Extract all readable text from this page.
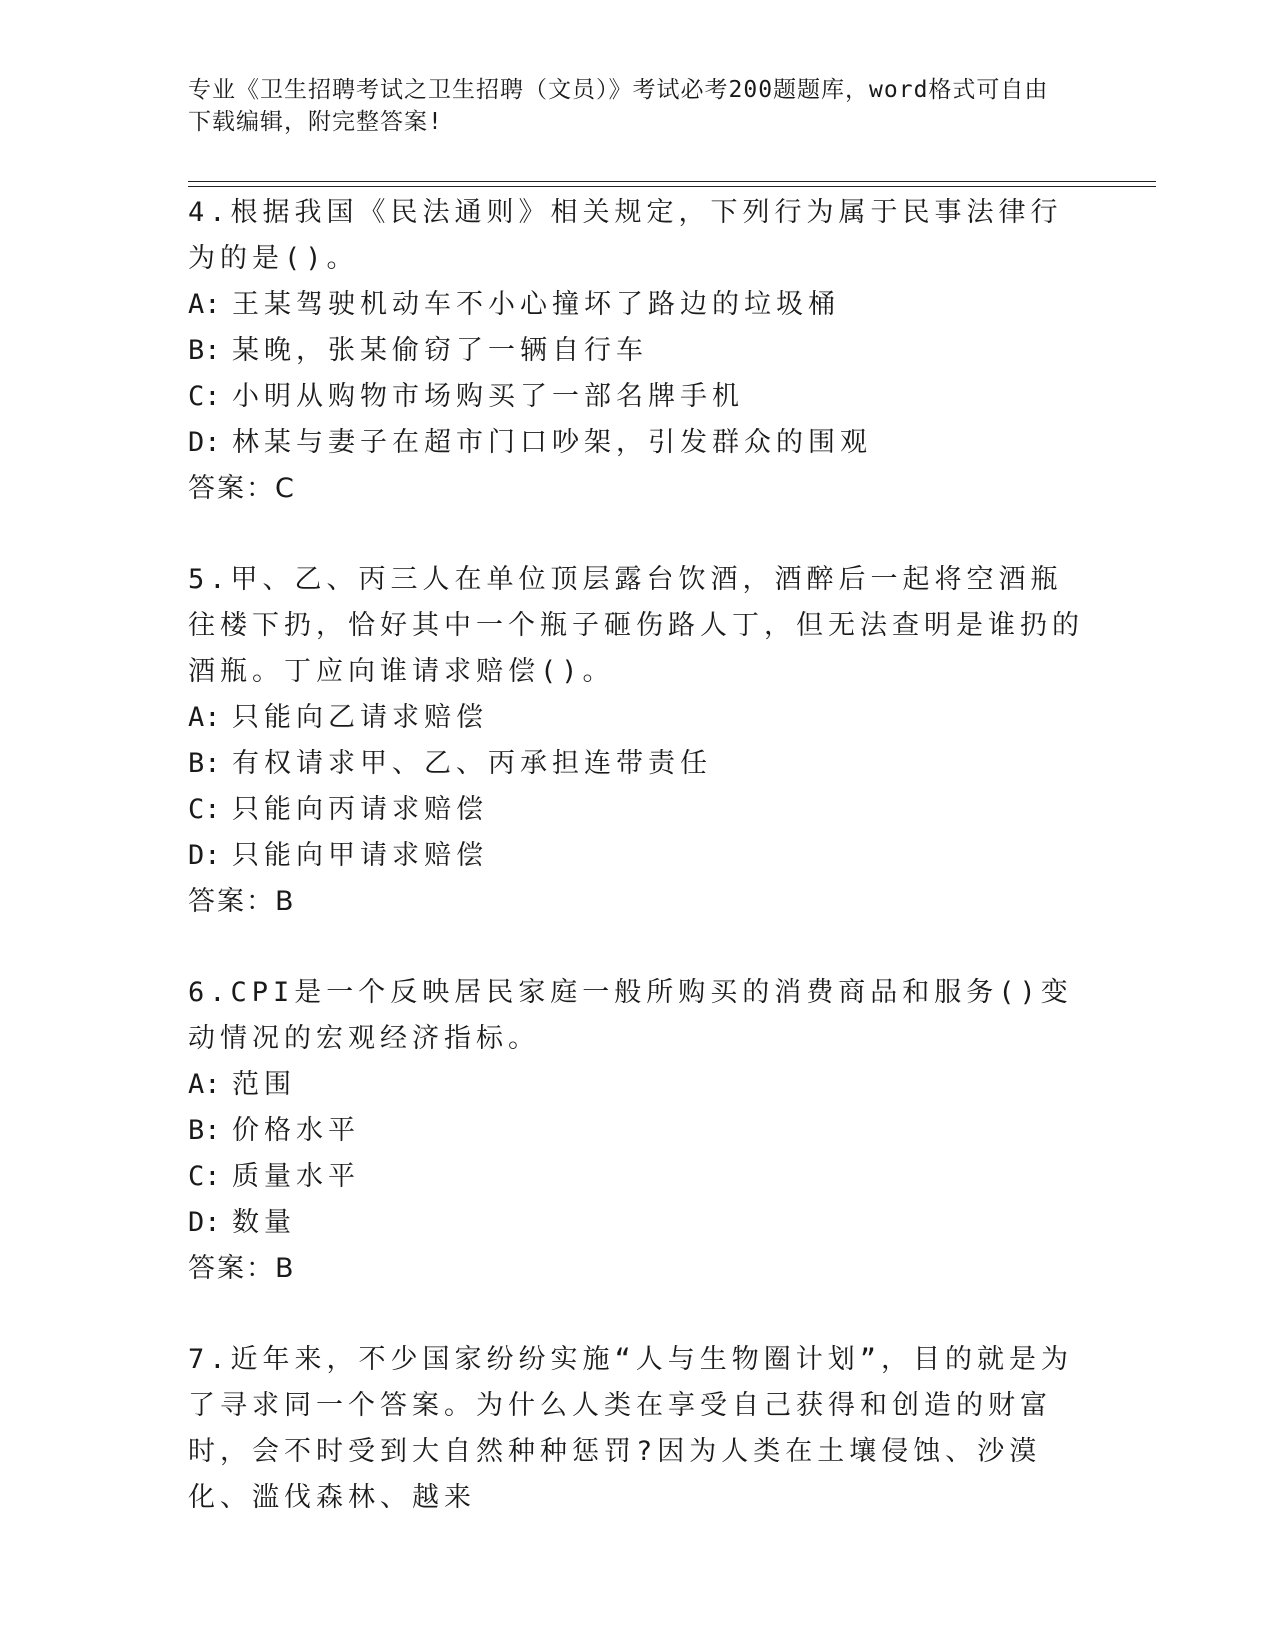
专业《卫生招聘考试之卫生招聘（文员）》考试必考200题题库，word格式可自由下载编辑，附完整答案!
4.根据我国《民法通则》相关规定，下列行为属于民事法律行为的是()。
A: 王某驾驶机动车不小心撞坏了路边的垃圾桶
B: 某晚，张某偷窃了一辆自行车
C: 小明从购物市场购买了一部名牌手机
D: 林某与妻子在超市门口吵架，引发群众的围观
答案：C
5.甲、乙、丙三人在单位顶层露台饮酒，酒醉后一起将空酒瓶往楼下扔，恰好其中一个瓶子砸伤路人丁，但无法查明是谁扔的酒瓶。丁应向谁请求赔偿()。
A: 只能向乙请求赔偿
B: 有权请求甲、乙、丙承担连带责任
C: 只能向丙请求赔偿
D: 只能向甲请求赔偿
答案：B
6.CPI是一个反映居民家庭一般所购买的消费商品和服务()变动情况的宏观经济指标。
A: 范围
B: 价格水平
C: 质量水平
D: 数量
答案：B
7.近年来，不少国家纷纷实施“人与生物圈计划”，目的就是为了寻求同一个答案。为什么人类在享受自己获得和创造的财富时，会不时受到大自然种种惩罚?因为人类在土壤侵蚀、沙漠化、滥伐森林、越来
